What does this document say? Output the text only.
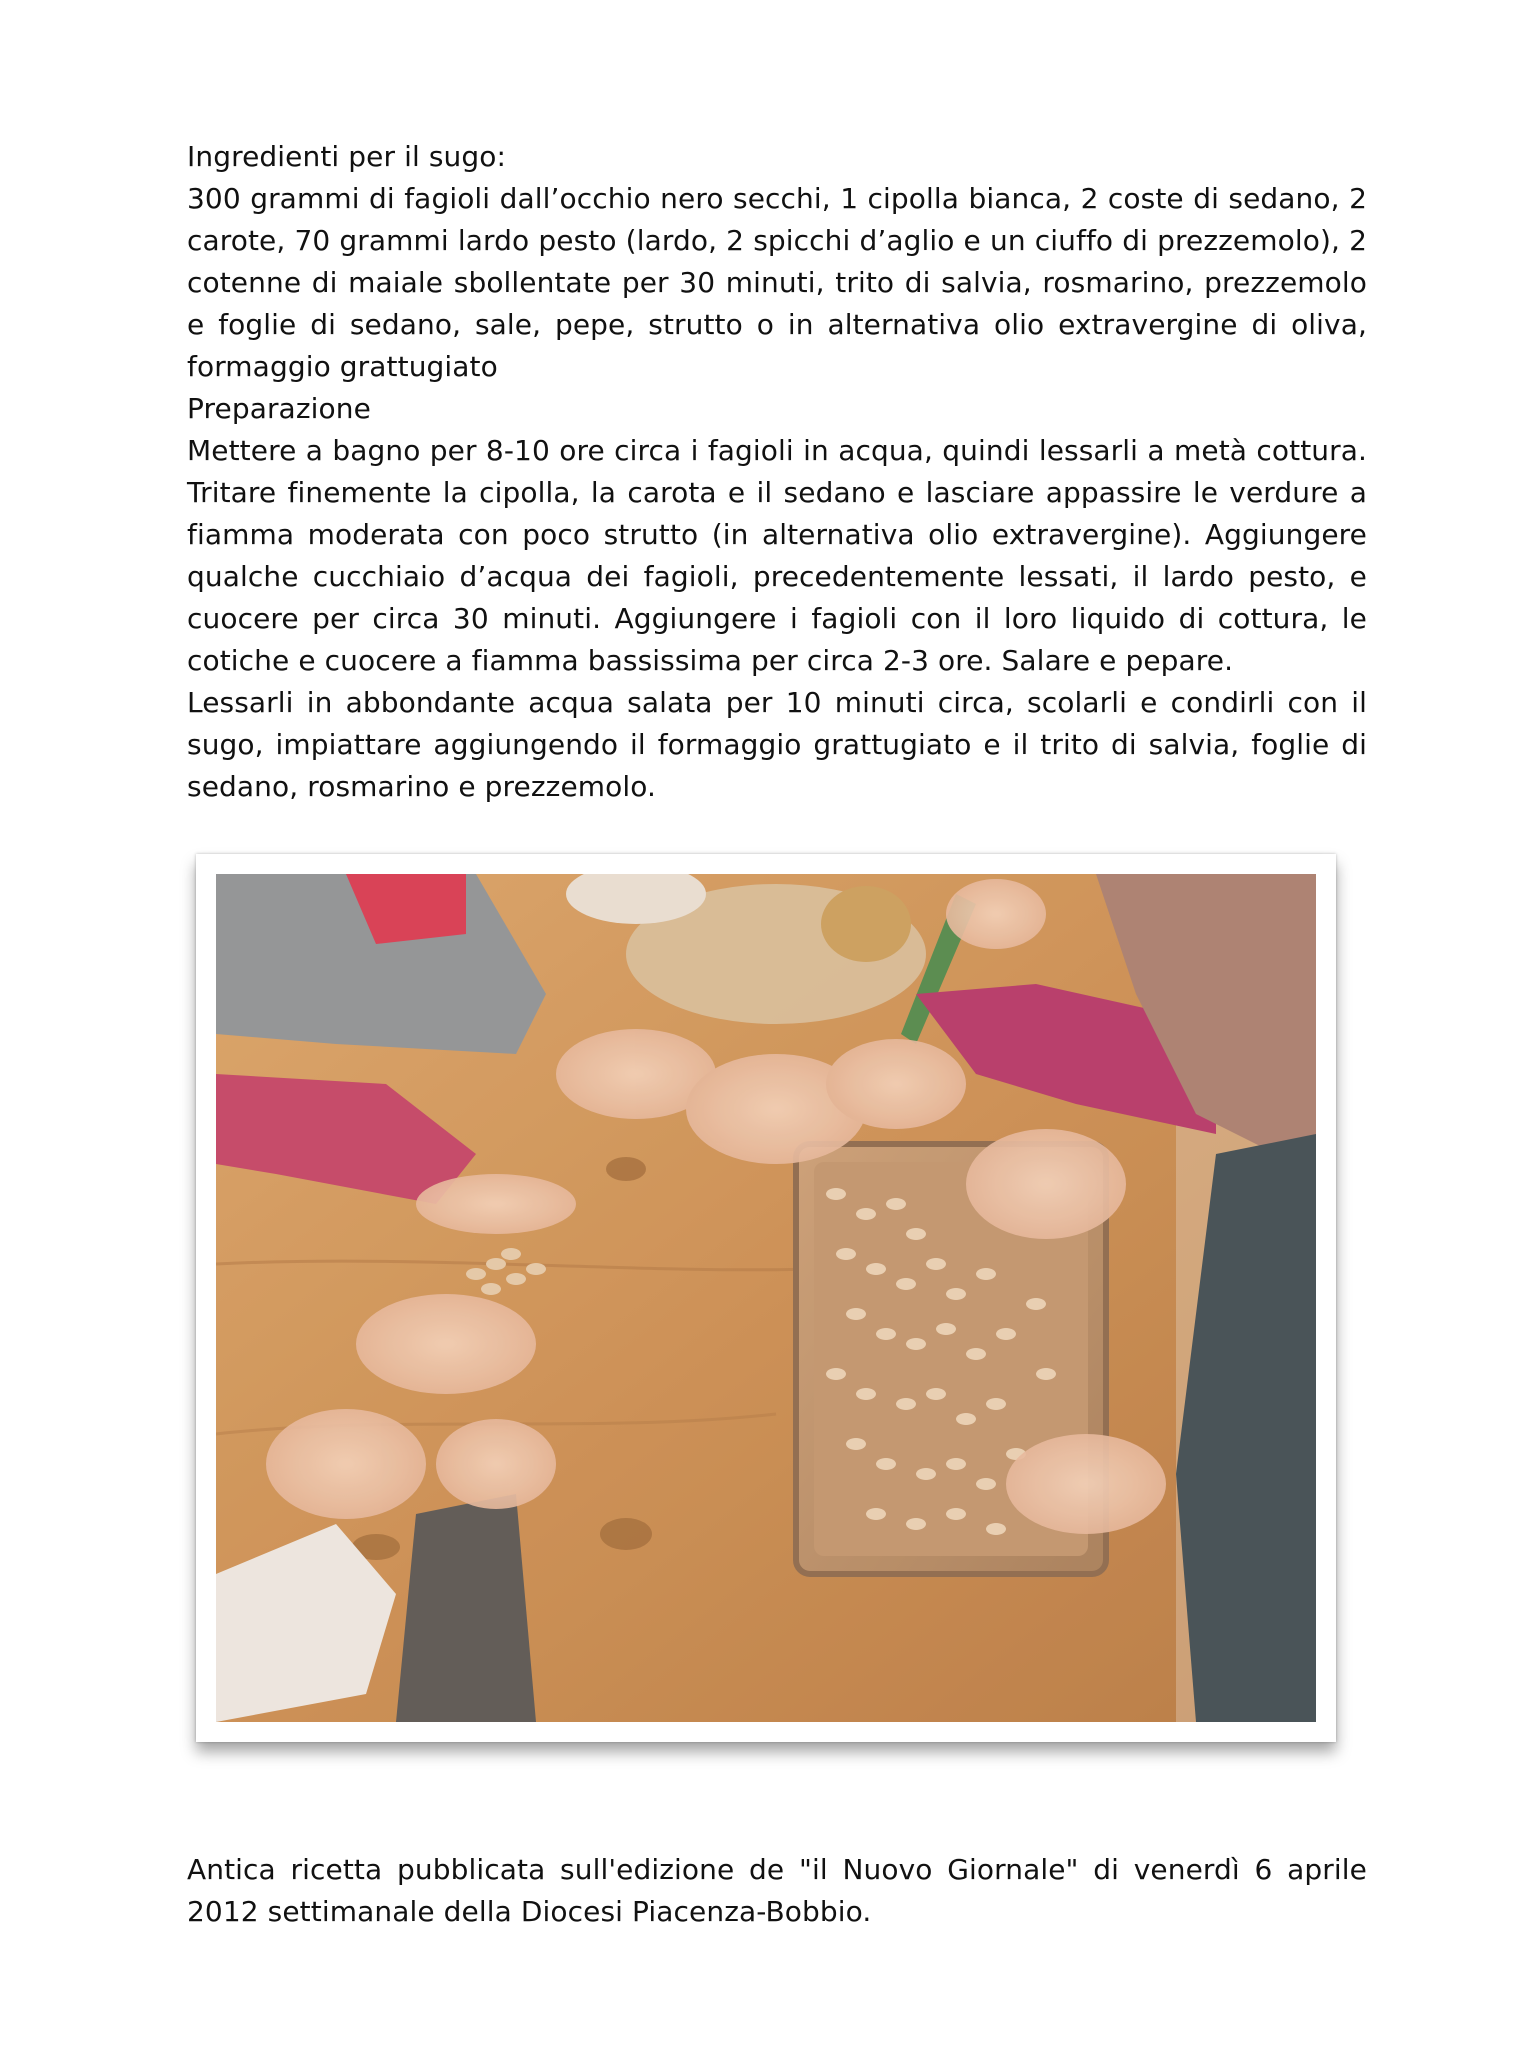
Ingredienti per il sugo:

300 grammi di fagioli dall’occhio nero secchi, 1 cipolla bianca, 2 coste di sedano, 2 carote, 70 grammi lardo pesto (lardo, 2 spicchi d’aglio e un ciuffo di prezzemolo), 2 cotenne di maiale sbollentate per 30 minuti, trito di salvia, rosmarino, prezzemolo e foglie di sedano, sale, pepe, strutto o in alternativa olio extravergine di oliva, formaggio grattugiato

Preparazione

Mettere a bagno per 8-10 ore circa i fagioli in acqua, quindi lessarli a metà cottura. Tritare finemente la cipolla, la carota e il sedano e lasciare appassire le verdure a fiamma moderata con poco strutto (in alternativa olio extravergine). Aggiungere qualche cucchiaio d’acqua dei fagioli, precedentemente lessati, il lardo pesto, e cuocere per circa 30 minuti. Aggiungere i fagioli con il loro liquido di cottura, le cotiche e cuocere a fiamma bassissima per circa 2-3 ore. Salare e pepare.

Lessarli in abbondante acqua salata per 10 minuti circa, scolarli e condirli con il sugo, impiattare aggiungendo il formaggio grattugiato e il trito di salvia, foglie di sedano, rosmarino e prezzemolo.

Antica ricetta pubblicata sull'edizione de "il Nuovo Giornale" di venerdì 6 aprile 2012 settimanale della Diocesi Piacenza-Bobbio.
